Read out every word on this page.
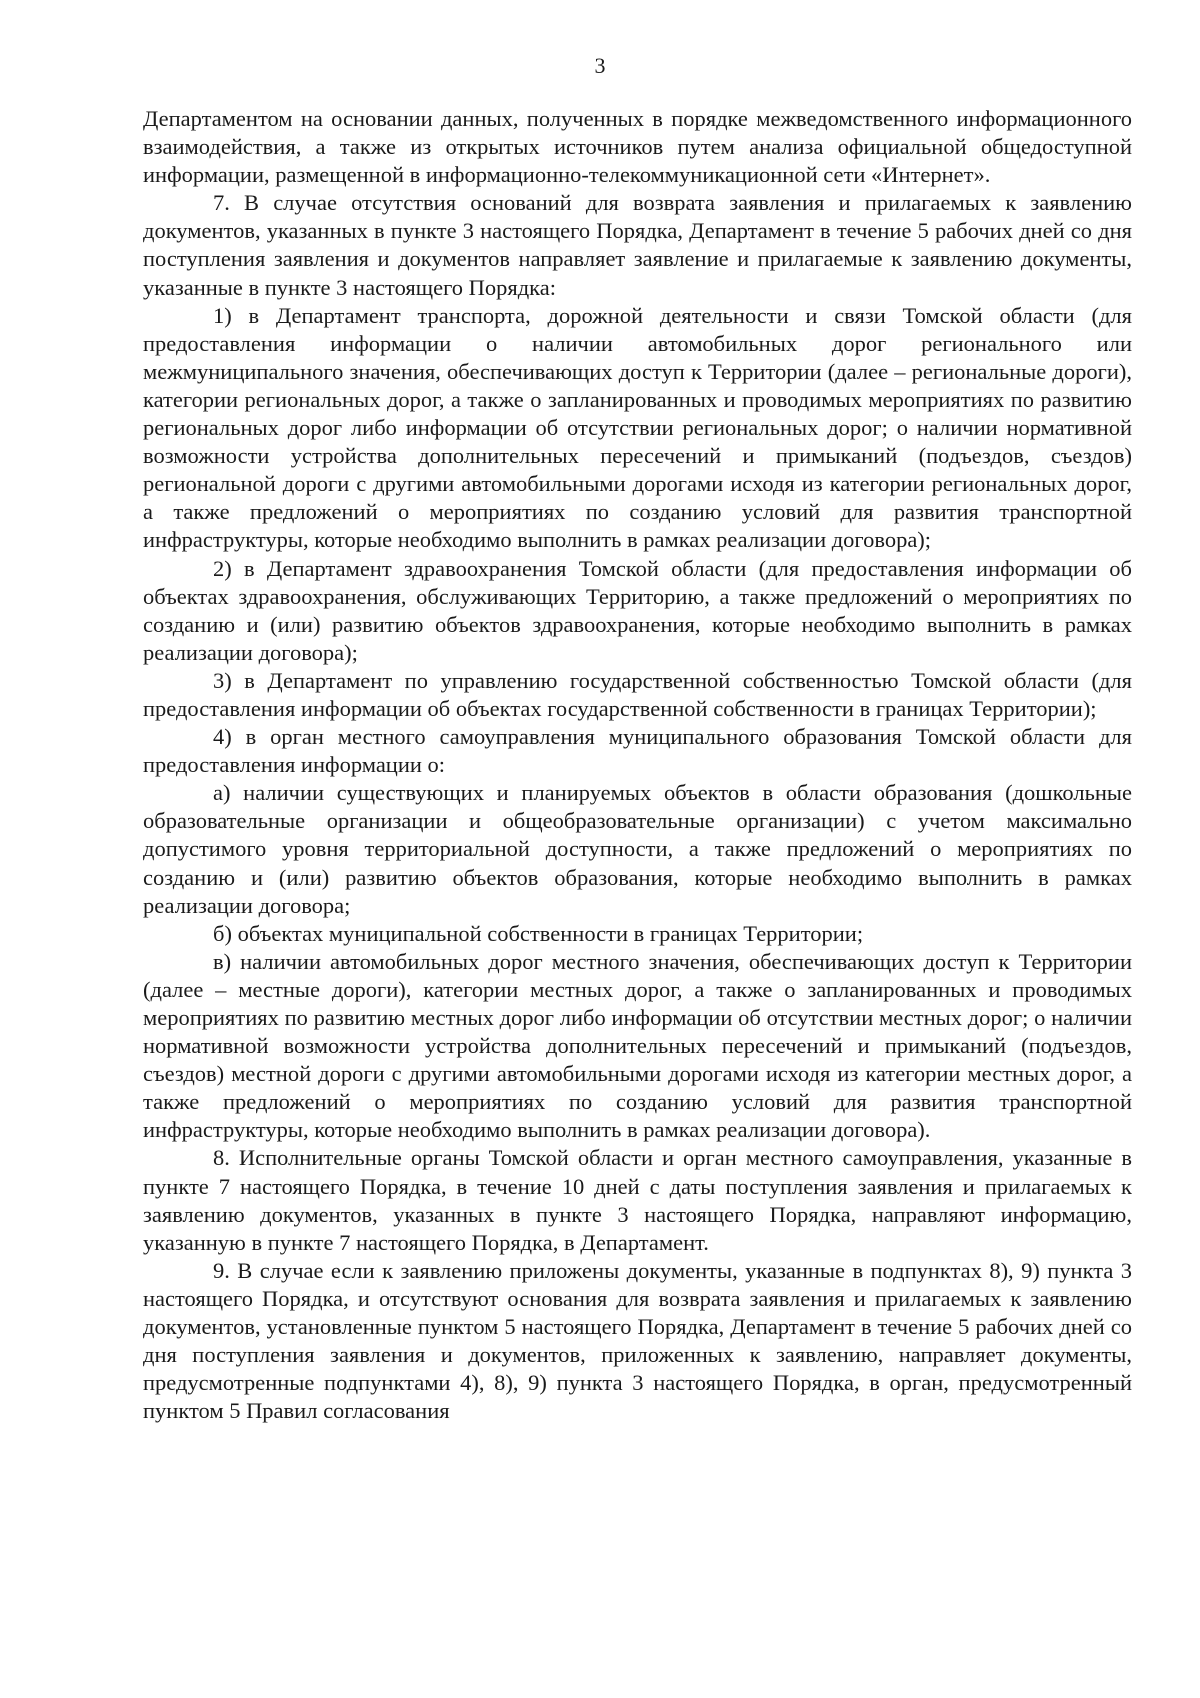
3

Департаментом на основании данных, полученных в порядке межведомственного информационного взаимодействия, а также из открытых источников путем анализа официальной общедоступной информации, размещенной в информационно-телекоммуникационной сети «Интернет».

7. В случае отсутствия оснований для возврата заявления и прилагаемых к заявлению документов, указанных в пункте 3 настоящего Порядка, Департамент в течение 5 рабочих дней со дня поступления заявления и документов направляет заявление и прилагаемые к заявлению документы, указанные в пункте 3 настоящего Порядка:

1) в Департамент транспорта, дорожной деятельности и связи Томской области (для предоставления информации о наличии автомобильных дорог регионального или межмуниципального значения, обеспечивающих доступ к Территории (далее – региональные дороги), категории региональных дорог, а также о запланированных и проводимых мероприятиях по развитию региональных дорог либо информации об отсутствии региональных дорог; о наличии нормативной возможности устройства дополнительных пересечений и примыканий (подъездов, съездов) региональной дороги с другими автомобильными дорогами исходя из категории региональных дорог, а также предложений о мероприятиях по созданию условий для развития транспортной инфраструктуры, которые необходимо выполнить в рамках реализации договора);

2) в Департамент здравоохранения Томской области (для предоставления информации об объектах здравоохранения, обслуживающих Территорию, а также предложений о мероприятиях по созданию и (или) развитию объектов здравоохранения, которые необходимо выполнить в рамках реализации договора);

3) в Департамент по управлению государственной собственностью Томской области (для предоставления информации об объектах государственной собственности в границах Территории);

4) в орган местного самоуправления муниципального образования Томской области для предоставления информации о:

а) наличии существующих и планируемых объектов в области образования (дошкольные образовательные организации и общеобразовательные организации) с учетом максимально допустимого уровня территориальной доступности, а также предложений о мероприятиях по созданию и (или) развитию объектов образования, которые необходимо выполнить в рамках реализации договора;

б) объектах муниципальной собственности в границах Территории;

в) наличии автомобильных дорог местного значения, обеспечивающих доступ к Территории (далее – местные дороги), категории местных дорог, а также о запланированных и проводимых мероприятиях по развитию местных дорог либо информации об отсутствии местных дорог; о наличии нормативной возможности устройства дополнительных пересечений и примыканий (подъездов, съездов) местной дороги с другими автомобильными дорогами исходя из категории местных дорог, а также предложений о мероприятиях по созданию условий для развития транспортной инфраструктуры, которые необходимо выполнить в рамках реализации договора).

8. Исполнительные органы Томской области и орган местного самоуправления, указанные в пункте 7 настоящего Порядка, в течение 10 дней с даты поступления заявления и прилагаемых к заявлению документов, указанных в пункте 3 настоящего Порядка, направляют информацию, указанную в пункте 7 настоящего Порядка, в Департамент.

9. В случае если к заявлению приложены документы, указанные в подпунктах 8), 9) пункта 3 настоящего Порядка, и отсутствуют основания для возврата заявления и прилагаемых к заявлению документов, установленные пунктом 5 настоящего Порядка, Департамент в течение 5 рабочих дней со дня поступления заявления и документов, приложенных к заявлению, направляет документы, предусмотренные подпунктами 4), 8), 9) пункта 3 настоящего Порядка, в орган, предусмотренный пунктом 5 Правил согласования
